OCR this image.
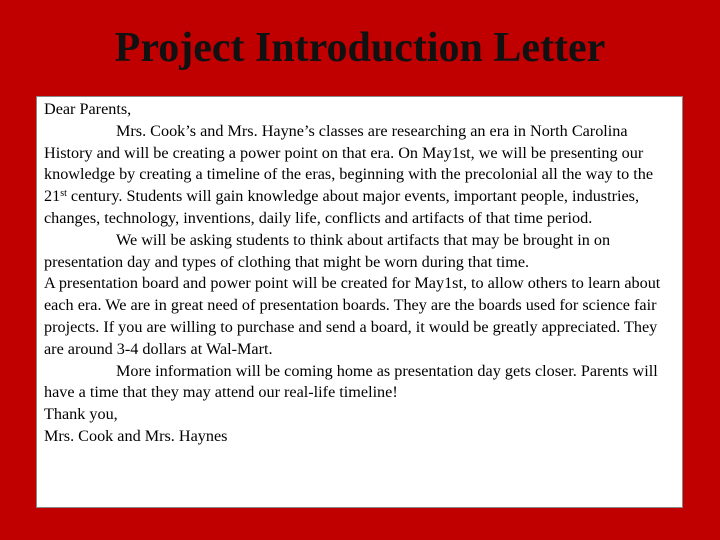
Project Introduction Letter

Dear Parents,

Mrs. Cook’s and Mrs. Hayne’s classes are researching an era in North Carolina History and will be creating a power point on that era. On May1st, we will be presenting our knowledge by creating a timeline of the eras, beginning with the precolonial all the way to the 21st century. Students will gain knowledge about major events, important people, industries, changes, technology, inventions, daily life, conflicts and artifacts of that time period.

We will be asking students to think about artifacts that may be brought in on presentation day and types of clothing that might be worn during that time.

A presentation board and power point will be created for May1st, to allow others to learn about each era. We are in great need of presentation boards. They are the boards used for science fair projects. If you are willing to purchase and send a board, it would be greatly appreciated. They are around 3-4 dollars at Wal-Mart.

More information will be coming home as presentation day gets closer. Parents will have a time that they may attend our real-life timeline!

Thank you,

Mrs. Cook and Mrs. Haynes
